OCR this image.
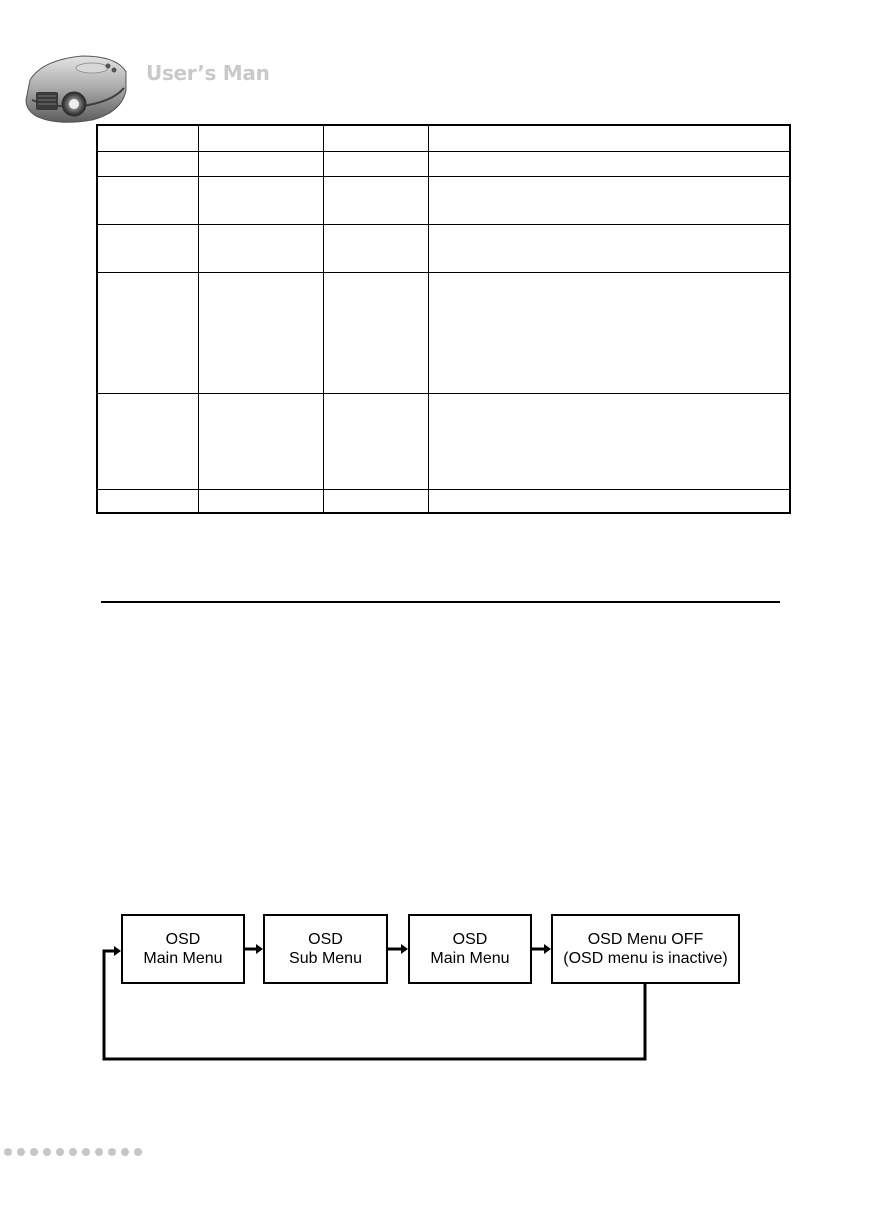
User’s Man

OSD
Main Menu
OSD
Sub Menu
OSD
Main Menu
OSD Menu OFF
(OSD menu is inactive)
